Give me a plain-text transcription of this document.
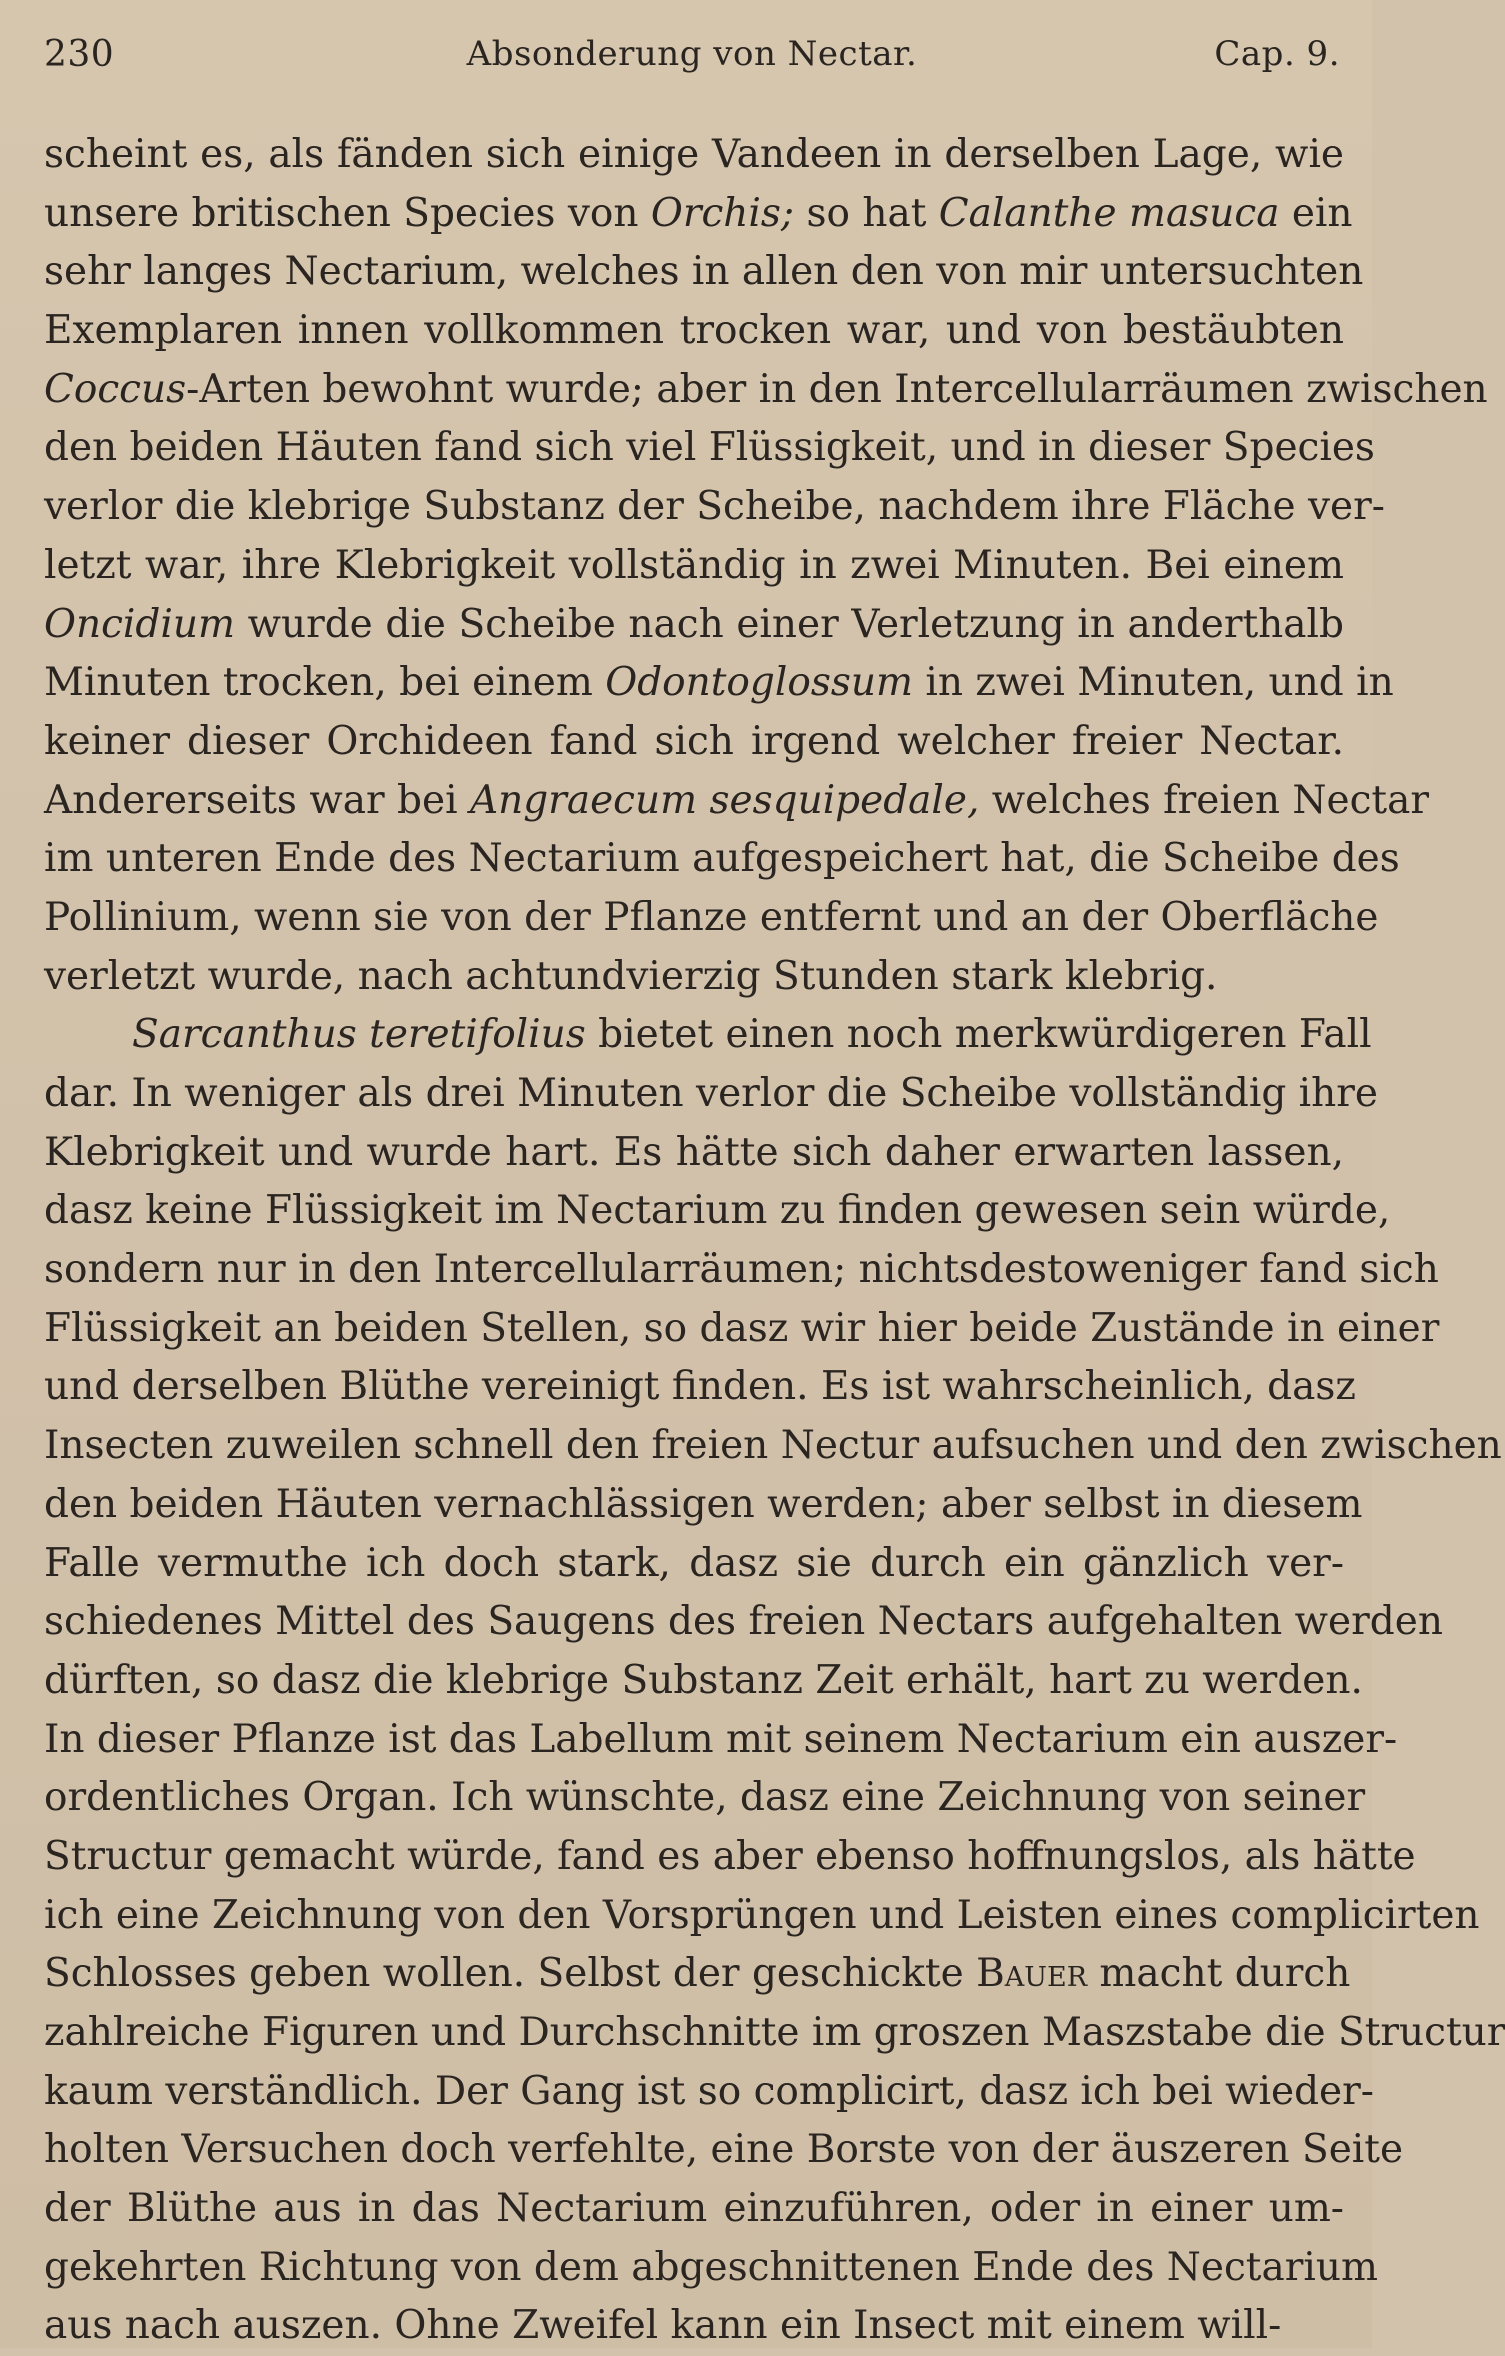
230	Absonderung von Nectar.	Cap. 9.
scheint es, als fänden sich einige Vandeen in derselben Lage, wie
unsere britischen Species von Orchis; so hat Calanthe masuca ein
sehr langes Nectarium, welches in allen den von mir untersuchten
Exemplaren innen vollkommen trocken war, und von bestäubten
Coccus-Arten bewohnt wurde; aber in den Intercellularräumen zwischen
den beiden Häuten fand sich viel Flüssigkeit, und in dieser Species
verlor die klebrige Substanz der Scheibe, nachdem ihre Fläche ver-
letzt war, ihre Klebrigkeit vollständig in zwei Minuten. Bei einem
Oncidium wurde die Scheibe nach einer Verletzung in anderthalb
Minuten trocken, bei einem Odontoglossum in zwei Minuten, und in
keiner dieser Orchideen fand sich irgend welcher freier Nectar.
Andererseits war bei Angraecum sesquipedale, welches freien Nectar
im unteren Ende des Nectarium aufgespeichert hat, die Scheibe des
Pollinium, wenn sie von der Pflanze entfernt und an der Oberfläche
verletzt wurde, nach achtundvierzig Stunden stark klebrig.
Sarcanthus teretifolius bietet einen noch merkwürdigeren Fall
dar. In weniger als drei Minuten verlor die Scheibe vollständig ihre
Klebrigkeit und wurde hart. Es hätte sich daher erwarten lassen,
dasz keine Flüssigkeit im Nectarium zu finden gewesen sein würde,
sondern nur in den Intercellularräumen; nichtsdestoweniger fand sich
Flüssigkeit an beiden Stellen, so dasz wir hier beide Zustände in einer
und derselben Blüthe vereinigt finden. Es ist wahrscheinlich, dasz
Insecten zuweilen schnell den freien Nectur aufsuchen und den zwischen
den beiden Häuten vernachlässigen werden; aber selbst in diesem
Falle vermuthe ich doch stark, dasz sie durch ein gänzlich ver-
schiedenes Mittel des Saugens des freien Nectars aufgehalten werden
dürften, so dasz die klebrige Substanz Zeit erhält, hart zu werden.
In dieser Pflanze ist das Labellum mit seinem Nectarium ein auszer-
ordentliches Organ. Ich wünschte, dasz eine Zeichnung von seiner
Structur gemacht würde, fand es aber ebenso hoffnungslos, als hätte
ich eine Zeichnung von den Vorsprüngen und Leisten eines complicirten
Schlosses geben wollen. Selbst der geschickte Bauer macht durch
zahlreiche Figuren und Durchschnitte im groszen Maszstabe die Structur
kaum verständlich. Der Gang ist so complicirt, dasz ich bei wieder-
holten Versuchen doch verfehlte, eine Borste von der äuszeren Seite
der Blüthe aus in das Nectarium einzuführen, oder in einer um-
gekehrten Richtung von dem abgeschnittenen Ende des Nectarium
aus nach auszen. Ohne Zweifel kann ein Insect mit einem will-
